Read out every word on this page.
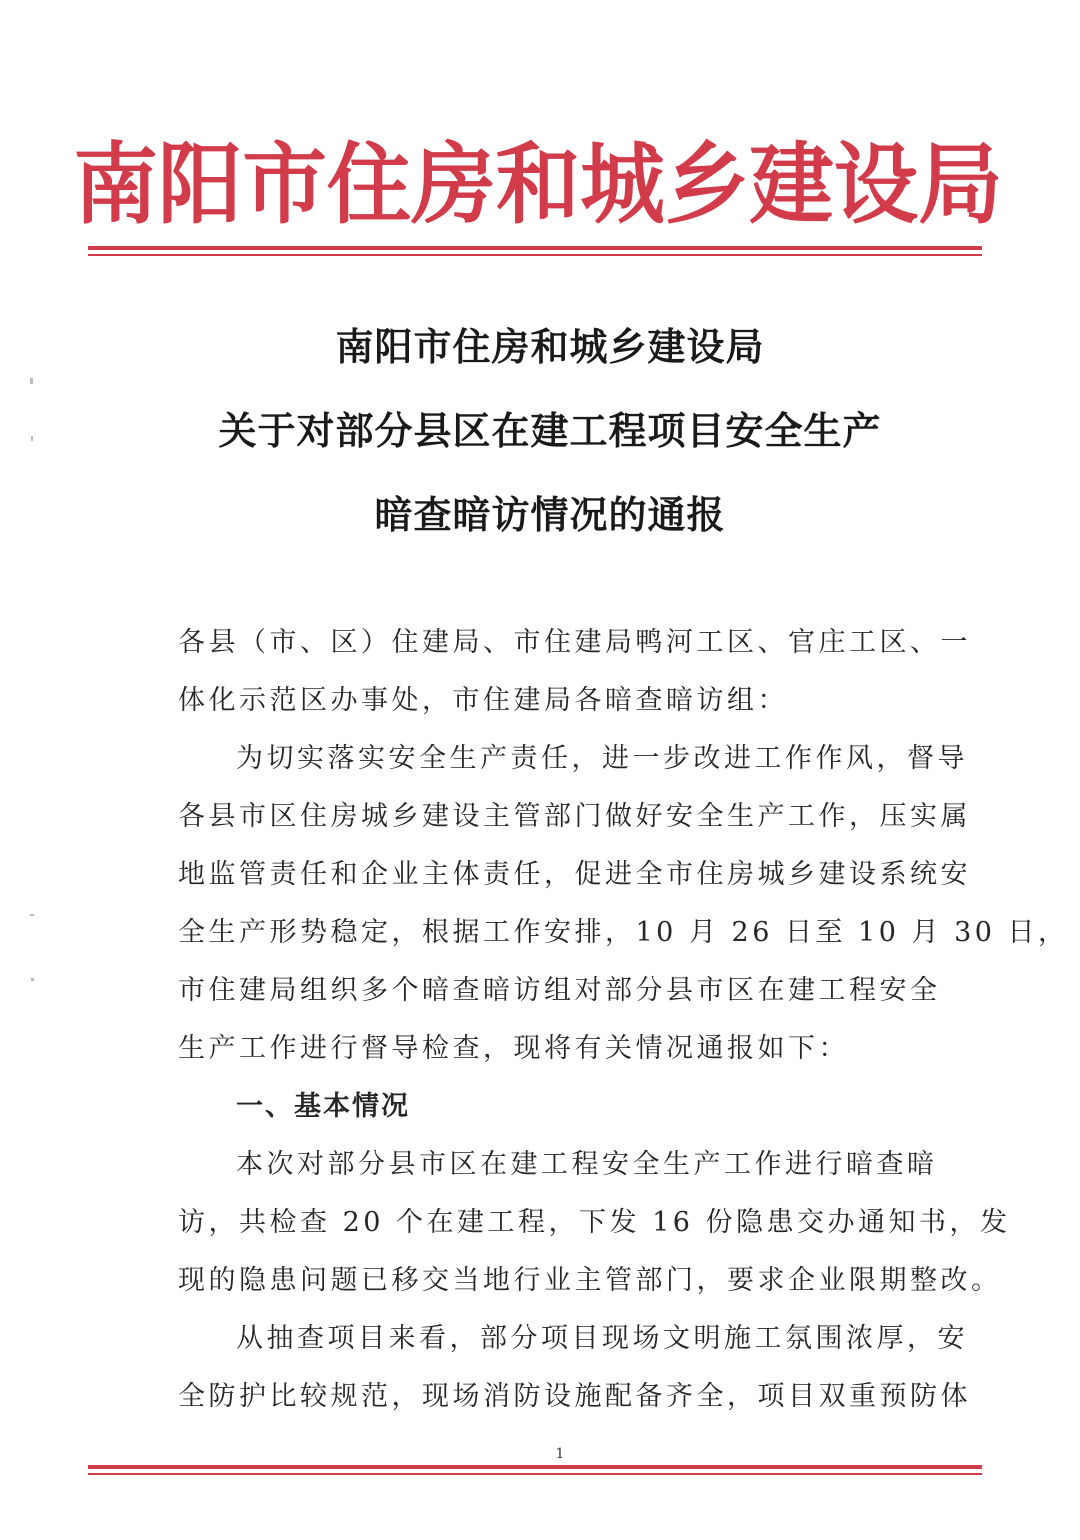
南阳市住房和城乡建设局
南阳市住房和城乡建设局
关于对部分县区在建工程项目安全生产
暗查暗访情况的通报
各县（市、区）住建局、市住建局鸭河工区、官庄工区、一
体化示范区办事处，市住建局各暗查暗访组：
为切实落实安全生产责任，进一步改进工作作风，督导
各县市区住房城乡建设主管部门做好安全生产工作，压实属
地监管责任和企业主体责任，促进全市住房城乡建设系统安
全生产形势稳定，根据工作安排，10 月 26 日至 10 月 30 日，
市住建局组织多个暗查暗访组对部分县市区在建工程安全
生产工作进行督导检查，现将有关情况通报如下：
一、基本情况
本次对部分县市区在建工程安全生产工作进行暗查暗
访，共检查 20 个在建工程，下发 16 份隐患交办通知书，发
现的隐患问题已移交当地行业主管部门，要求企业限期整改。
从抽查项目来看，部分项目现场文明施工氛围浓厚，安
全防护比较规范，现场消防设施配备齐全，项目双重预防体
1
